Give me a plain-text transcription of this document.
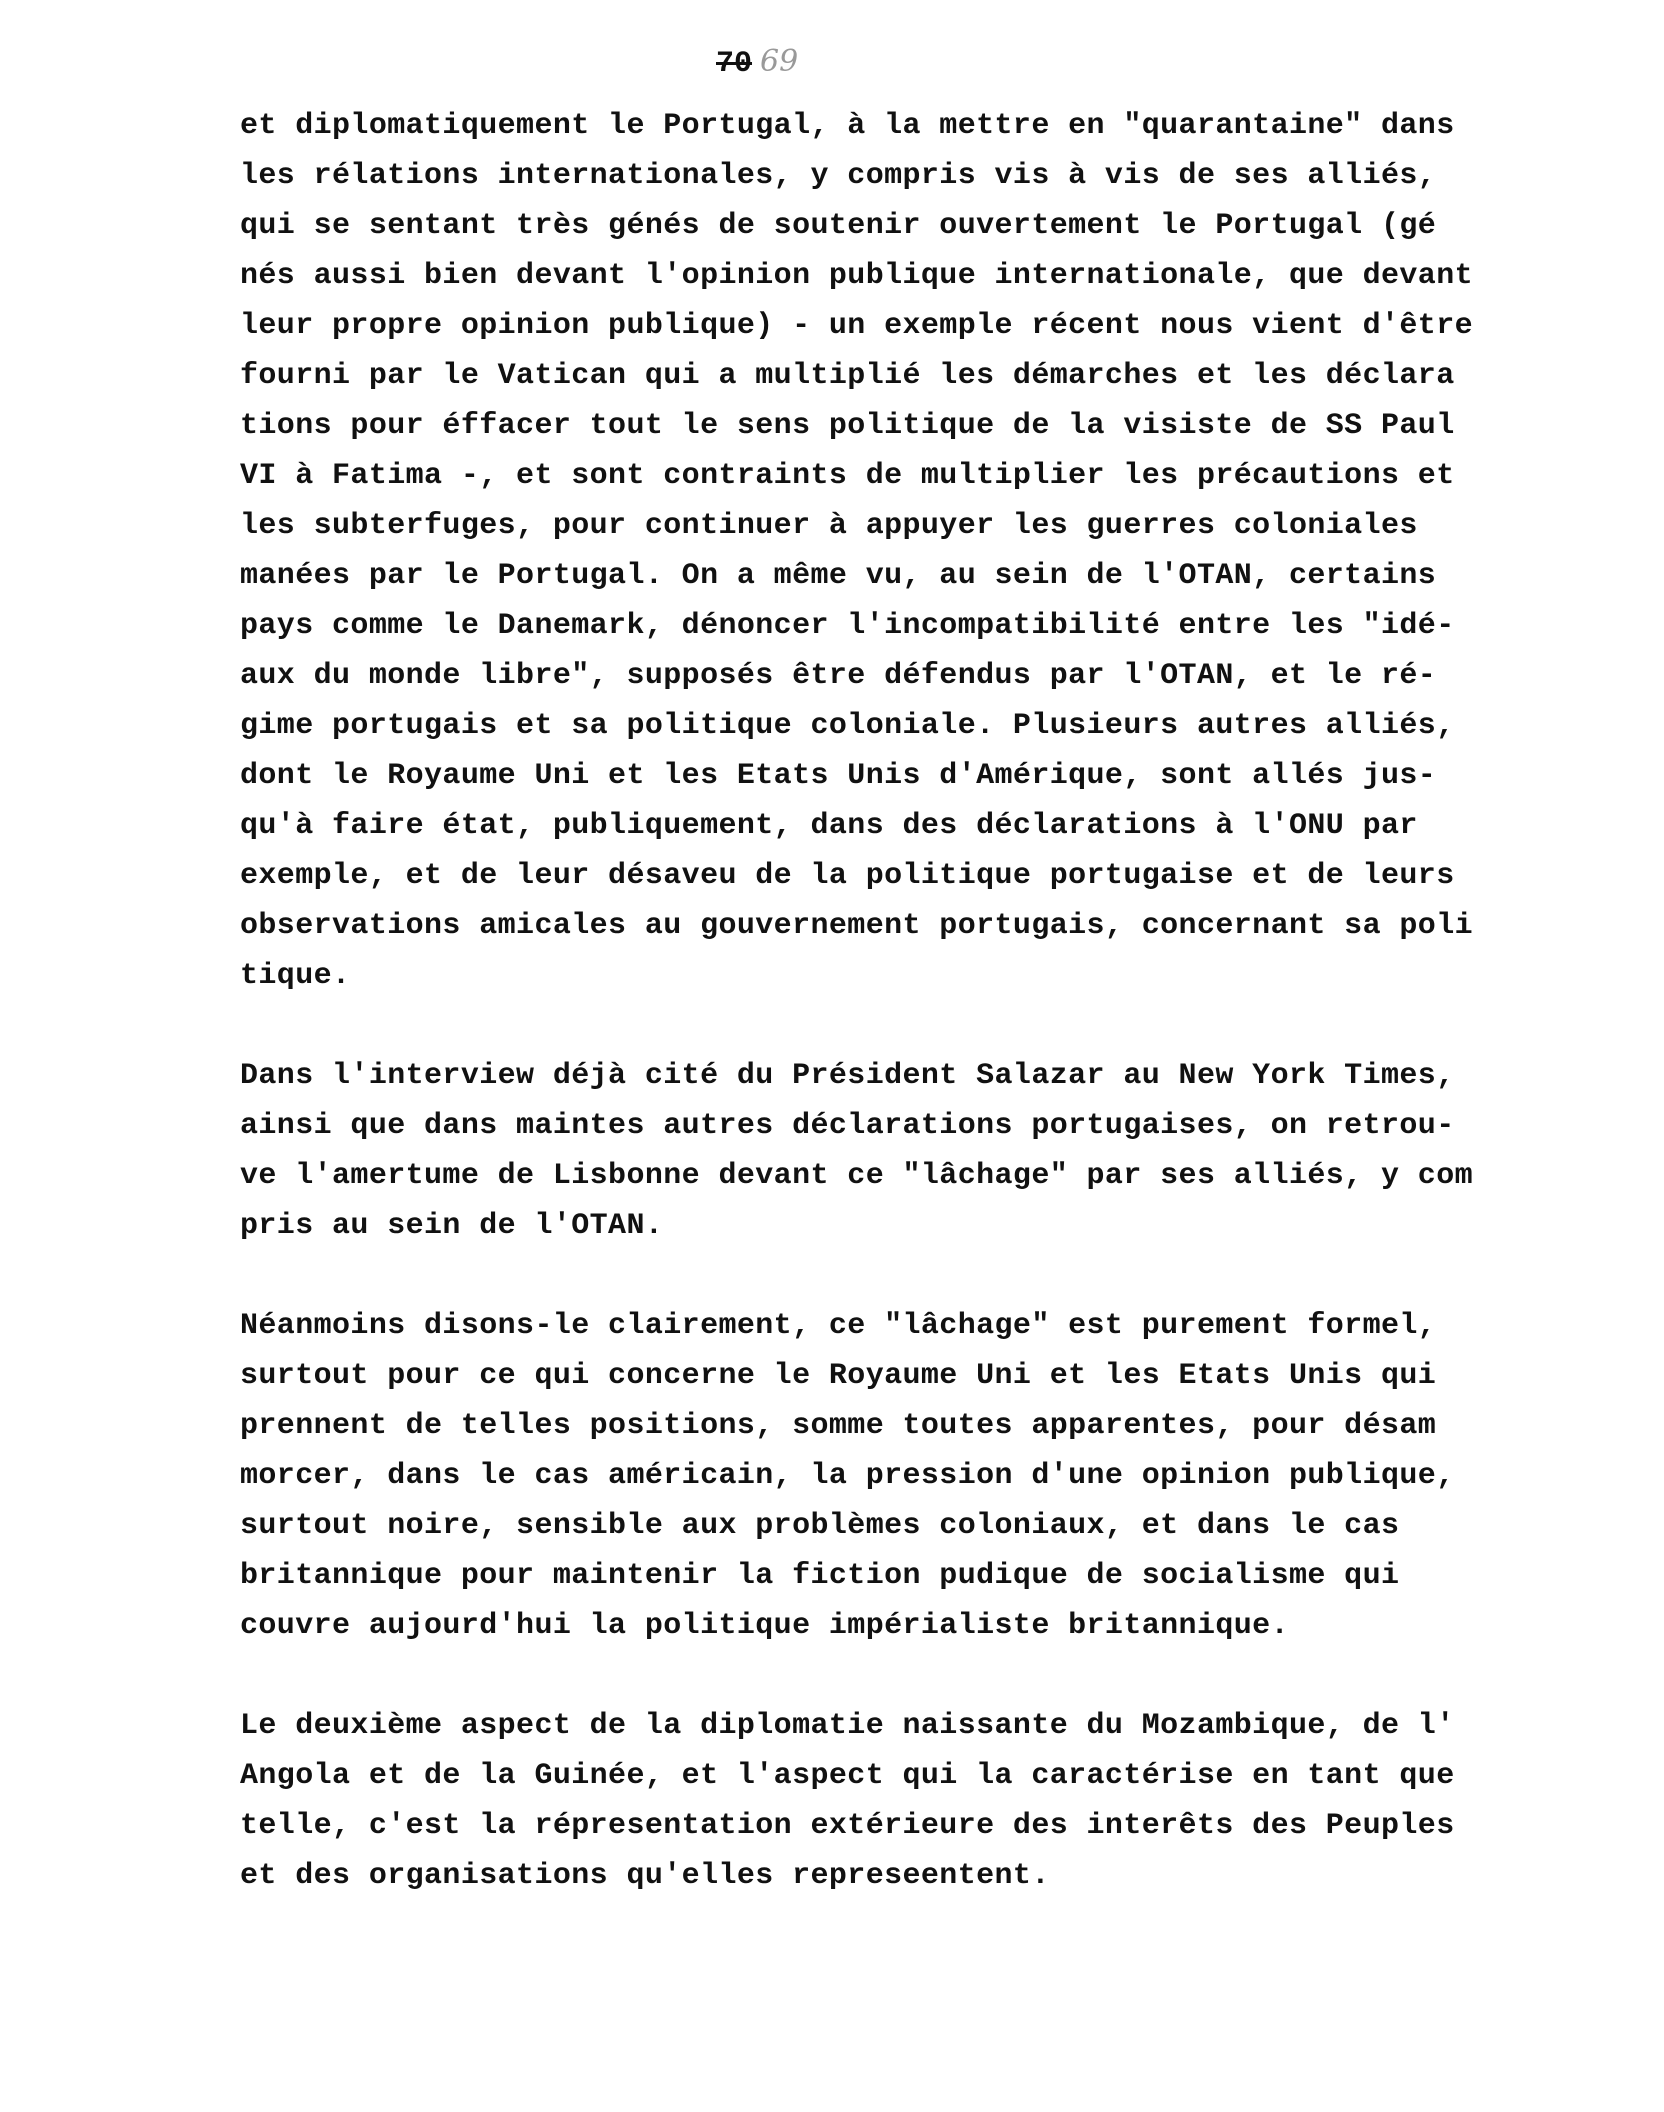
70 69
et diplomatiquement le Portugal, à la mettre en "quarantaine" dans
les rélations internationales, y compris vis à vis de ses alliés,
qui se sentant très génés de soutenir ouvertement le Portugal (gé
nés aussi bien devant l'opinion publique internationale, que devant
leur propre opinion publique) - un exemple récent nous vient d'être
fourni par le Vatican qui a multiplié les démarches et les déclara
tions pour éffacer tout le sens politique de la visiste de SS Paul
VI à Fatima -, et sont contraints de multiplier les précautions et
les subterfuges, pour continuer à appuyer les guerres coloniales
manées par le Portugal. On a même vu, au sein de l'OTAN, certains
pays comme le Danemark, dénoncer l'incompatibilité entre les "idé-
aux du monde libre", supposés être défendus par l'OTAN, et le ré-
gime portugais et sa politique coloniale. Plusieurs autres alliés,
dont le Royaume Uni et les Etats Unis d'Amérique, sont allés jus-
qu'à faire état, publiquement, dans des déclarations à l'ONU par
exemple, et de leur désaveu de la politique portugaise et de leurs
observations amicales au gouvernement portugais, concernant sa poli
tique.
Dans l'interview déjà cité du Président Salazar au New York Times,
ainsi que dans maintes autres déclarations portugaises, on retrou-
ve l'amertume de Lisbonne devant ce "lâchage" par ses alliés, y com
pris au sein de l'OTAN.
Néanmoins disons-le clairement, ce "lâchage" est purement formel,
surtout pour ce qui concerne le Royaume Uni et les Etats Unis qui
prennent de telles positions, somme toutes apparentes, pour désam
morcer, dans le cas américain, la pression d'une opinion publique,
surtout noire, sensible aux problèmes coloniaux, et dans le cas
britannique pour maintenir la fiction pudique de socialisme qui
couvre aujourd'hui la politique impérialiste britannique.
Le deuxième aspect de la diplomatie naissante du Mozambique, de l'
Angola et de la Guinée, et l'aspect qui la caractérise en tant que
telle, c'est la répresentation extérieure des interêts des Peuples
et des organisations qu'elles represeentent.
